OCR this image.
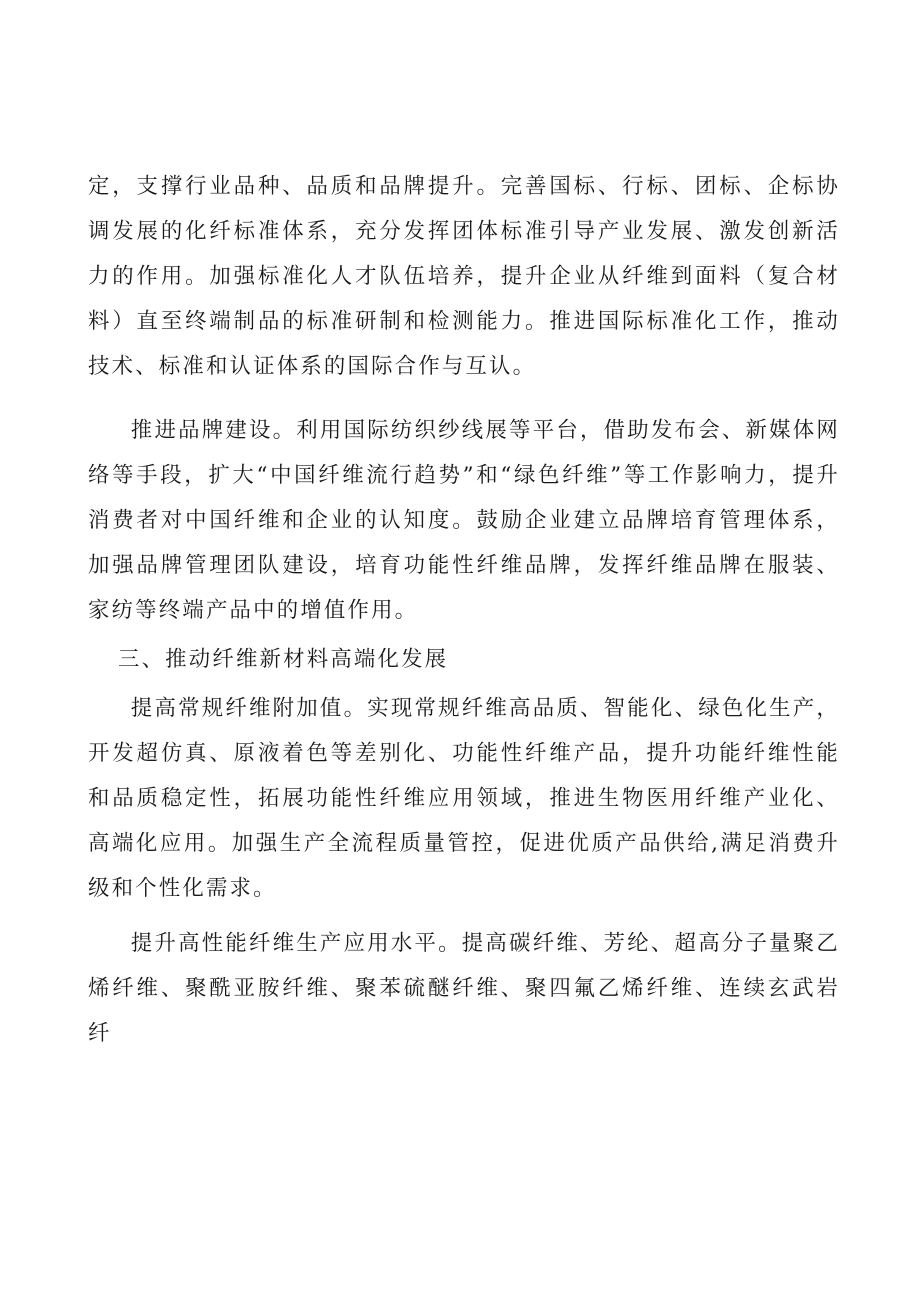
定，支撑行业品种、品质和品牌提升。完善国标、行标、团标、企标协调发展的化纤标准体系，充分发挥团体标准引导产业发展、激发创新活力的作用。加强标准化人才队伍培养，提升企业从纤维到面料（复合材料）直至终端制品的标准研制和检测能力。推进国际标准化工作，推动技术、标准和认证体系的国际合作与互认。

推进品牌建设。利用国际纺织纱线展等平台，借助发布会、新媒体网络等手段，扩大“中国纤维流行趋势”和“绿色纤维”等工作影响力，提升消费者对中国纤维和企业的认知度。鼓励企业建立品牌培育管理体系，加强品牌管理团队建设，培育功能性纤维品牌，发挥纤维品牌在服装、家纺等终端产品中的增值作用。

三、推动纤维新材料高端化发展

提高常规纤维附加值。实现常规纤维高品质、智能化、绿色化生产，开发超仿真、原液着色等差别化、功能性纤维产品，提升功能纤维性能和品质稳定性，拓展功能性纤维应用领域，推进生物医用纤维产业化、高端化应用。加强生产全流程质量管控，促进优质产品供给,满足消费升级和个性化需求。

提升高性能纤维生产应用水平。提高碳纤维、芳纶、超高分子量聚乙烯纤维、聚酰亚胺纤维、聚苯硫醚纤维、聚四氟乙烯纤维、连续玄武岩纤
